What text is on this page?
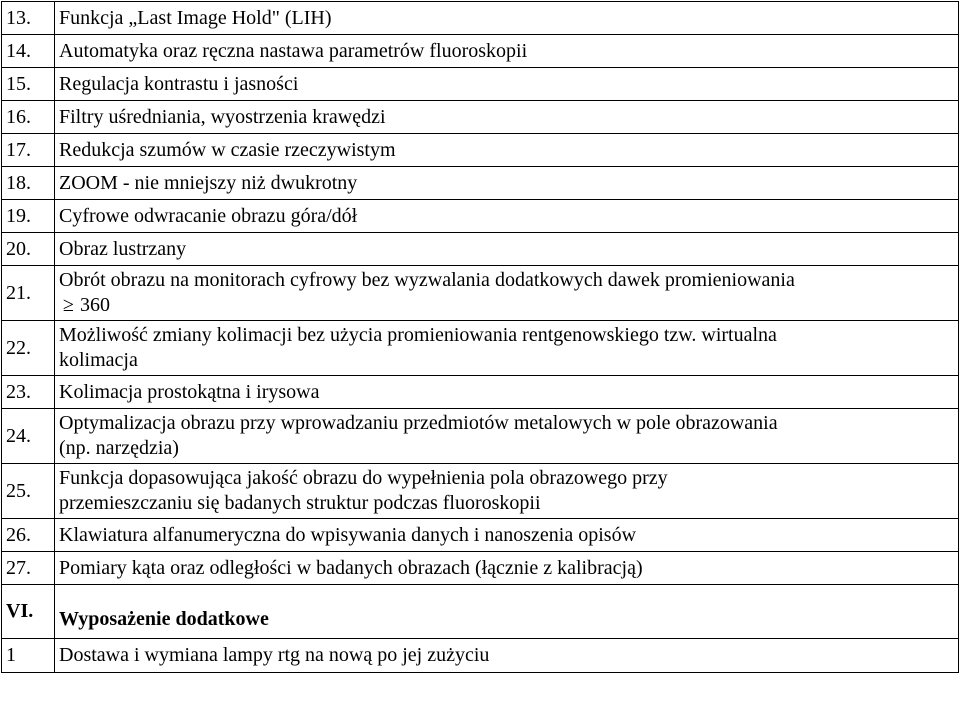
13.	Funkcja „Last Image Hold" (LIH)
14.	Automatyka oraz ręczna nastawa parametrów fluoroskopii
15.	Regulacja kontrastu i jasności
16.	Filtry uśredniania, wyostrzenia krawędzi
17.	Redukcja szumów w czasie rzeczywistym
18.	ZOOM - nie mniejszy niż dwukrotny
19.	Cyfrowe odwracanie obrazu góra/dół
20.	Obraz lustrzany
21.	Obrót obrazu na monitorach cyfrowy bez wyzwalania dodatkowych dawek promieniowania
≥ 360

22.	Możliwość zmiany kolimacji bez użycia promieniowania rentgenowskiego tzw. wirtualna
kolimacja

23.	Kolimacja prostokątna i irysowa
24.	Optymalizacja obrazu przy wprowadzaniu przedmiotów metalowych w pole obrazowania
(np. narzędzia)

25.	Funkcja dopasowująca jakość obrazu do wypełnienia pola obrazowego przy
przemieszczaniu się badanych struktur podczas fluoroskopii

26.	Klawiatura alfanumeryczna do wpisywania danych i nanoszenia opisów
27.	Pomiary kąta oraz odległości w badanych obrazach (łącznie z kalibracją)
VI.	Wyposażenie dodatkowe
1	Dostawa i wymiana lampy rtg na nową po jej zużyciu
